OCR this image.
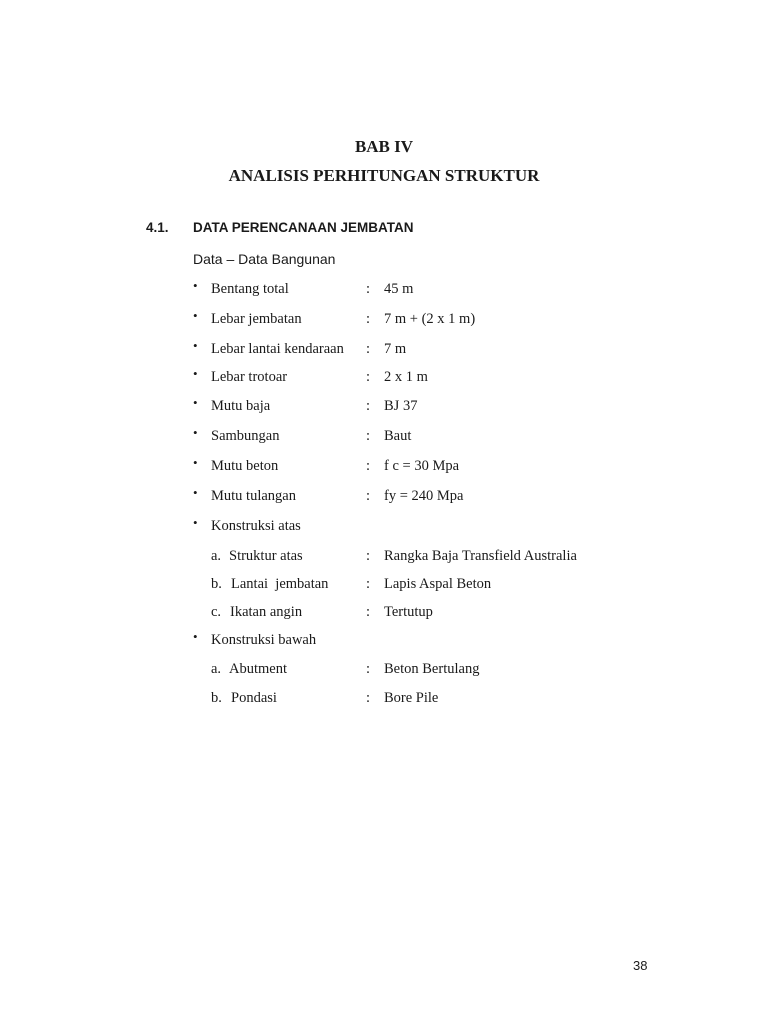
BAB IV
ANALISIS PERHITUNGAN STRUKTUR
4.1. DATA PERENCANAAN JEMBATAN
Data – Data Bangunan
• Bentang total	: 45 m
• Lebar jembatan	: 7 m + (2 x 1 m)
• Lebar lantai kendaraan : 7 m
• Lebar trotoar	: 2 x 1 m
• Mutu baja	: BJ 37
• Sambungan	: Baut
• Mutu beton	: f c = 30 Mpa
• Mutu tulangan	: fy = 240 Mpa
• Konstruksi atas
a. Struktur atas	: Rangka Baja Transfield Australia
b. Lantai  jembatan	: Lapis Aspal Beton
c. Ikatan angin	: Tertutup
• Konstruksi bawah
a. Abutment	: Beton Bertulang
b. Pondasi	: Bore Pile
38
